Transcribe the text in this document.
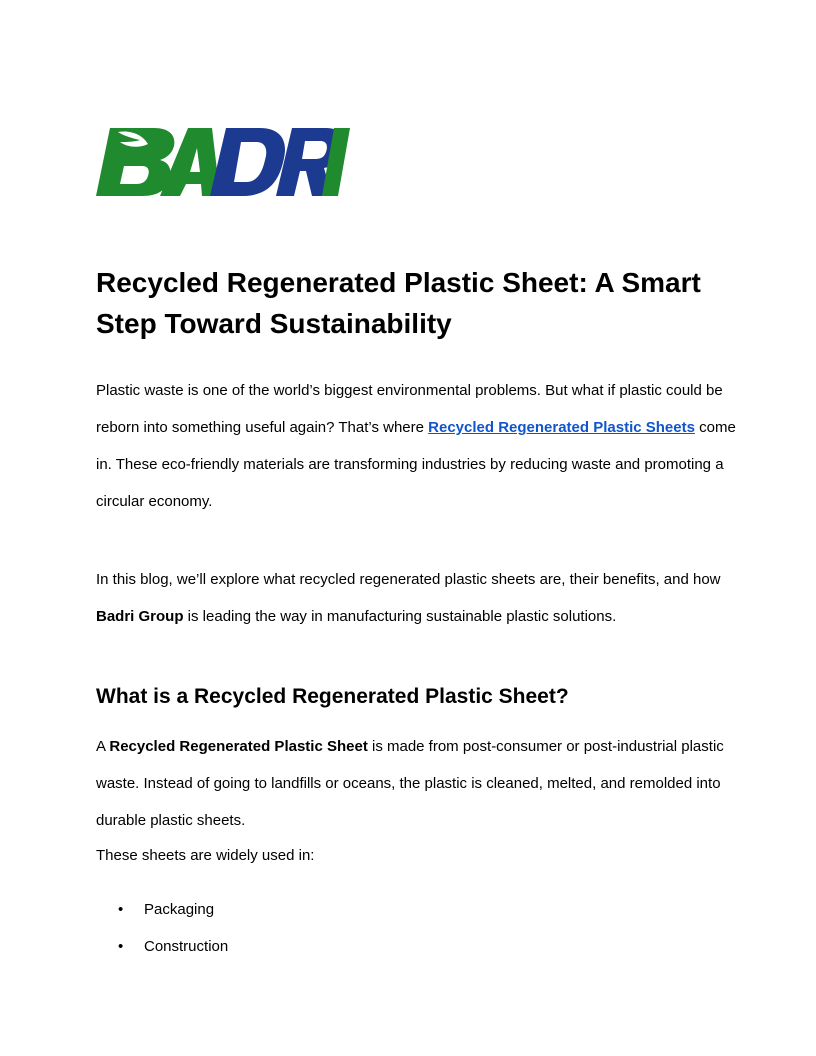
Recycled Regenerated Plastic Sheet: A Smart Step Toward Sustainability

Plastic waste is one of the world’s biggest environmental problems. But what if plastic could be reborn into something useful again? That’s where Recycled Regenerated Plastic Sheets come in. These eco-friendly materials are transforming industries by reducing waste and promoting a circular economy.

In this blog, we’ll explore what recycled regenerated plastic sheets are, their benefits, and how Badri Group is leading the way in manufacturing sustainable plastic solutions.

What is a Recycled Regenerated Plastic Sheet?

A Recycled Regenerated Plastic Sheet is made from post-consumer or post-industrial plastic waste. Instead of going to landfills or oceans, the plastic is cleaned, melted, and remolded into durable plastic sheets.

These sheets are widely used in:

• Packaging
• Construction
